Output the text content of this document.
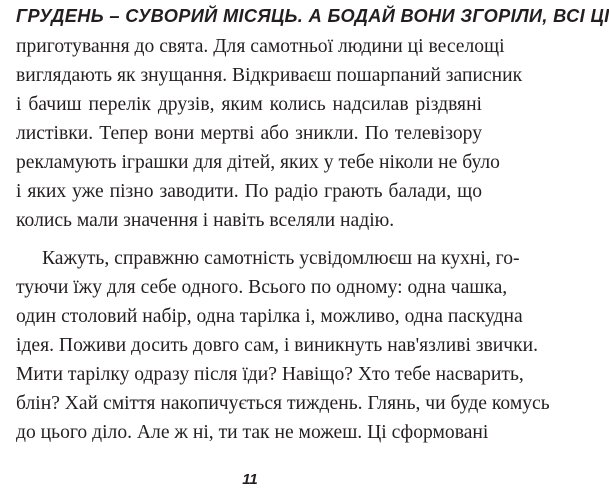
ГРУДЕНЬ – СУВОРИЙ МІСЯЦЬ. А БОДАЙ ВОНИ ЗГОРІЛИ, ВСІ ЦІ
приготування до свята. Для самотньої людини ці веселощі
виглядають як знущання. Відкриваєш пошарпаний записник
і бачиш перелік друзів, яким колись надсилав різдвяні
листівки. Тепер вони мертві або зникли. По телевізору
рекламують іграшки для дітей, яких у тебе ніколи не було
і яких уже пізно заводити. По радіо грають балади, що
колись мали значення і навіть вселяли надію.
Кажуть, справжню самотність усвідомлюєш на кухні, го-
туючи їжу для себе одного. Всього по одному: одна чашка,
один столовий набір, одна тарілка і, можливо, одна паскудна
ідея. Поживи досить довго сам, і виникнуть нав'язливі звички.
Мити тарілку одразу після їди? Навіщо? Хто тебе насварить,
блін? Хай сміття накопичується тиждень. Глянь, чи буде комусь
до цього діло. Але ж ні, ти так не можеш. Ці сформовані
11
